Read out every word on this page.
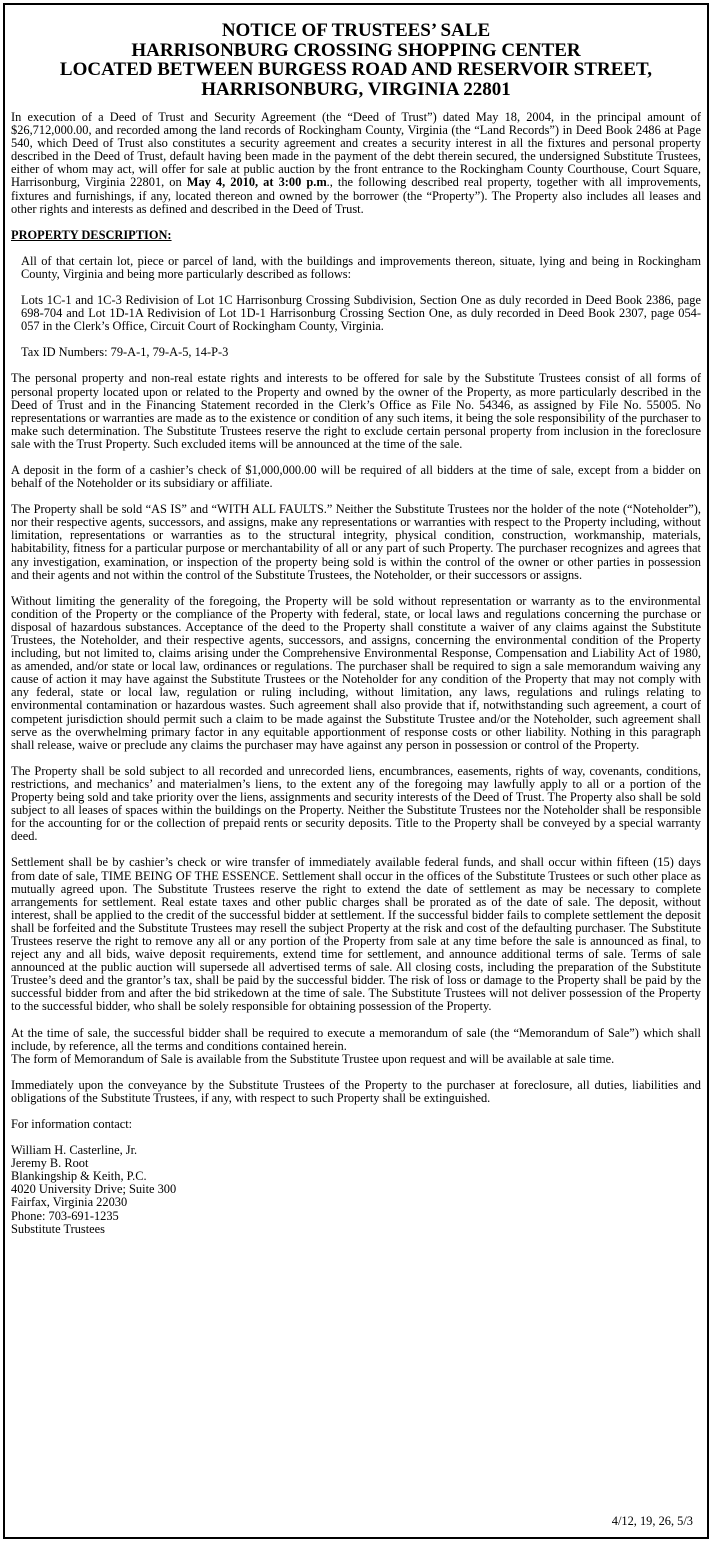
NOTICE OF TRUSTEES’ SALE
HARRISONBURG CROSSING SHOPPING CENTER
LOCATED BETWEEN BURGESS ROAD AND RESERVOIR STREET,
HARRISONBURG, VIRGINIA 22801

In execution of a Deed of Trust and Security Agreement (the “Deed of Trust”) dated May 18, 2004, in the principal amount of $26,712,000.00, and recorded among the land records of Rockingham County, Virginia (the “Land Records”) in Deed Book 2486 at Page 540, which Deed of Trust also constitutes a security agreement and creates a security interest in all the fixtures and personal property described in the Deed of Trust, default having been made in the payment of the debt therein secured, the undersigned Substitute Trustees, either of whom may act, will offer for sale at public auction by the front entrance to the Rockingham County Courthouse, Court Square, Harrisonburg, Virginia 22801, on May 4, 2010, at 3:00 p.m., the following described real property, together with all improvements, fixtures and furnishings, if any, located thereon and owned by the borrower (the “Property”). The Property also includes all leases and other rights and interests as defined and described in the Deed of Trust.

PROPERTY DESCRIPTION:

All of that certain lot, piece or parcel of land, with the buildings and improvements thereon, situate, lying and being in Rockingham County, Virginia and being more particularly described as follows:

Lots 1C-1 and 1C-3 Redivision of Lot 1C Harrisonburg Crossing Subdivision, Section One as duly recorded in Deed Book 2386, page 698-704 and Lot 1D-1A Redivision of Lot 1D-1 Harrisonburg Crossing Section One, as duly recorded in Deed Book 2307, page 054-057 in the Clerk’s Office, Circuit Court of Rockingham County, Virginia.

Tax ID Numbers: 79-A-1, 79-A-5, 14-P-3

The personal property and non-real estate rights and interests to be offered for sale by the Substitute Trustees consist of all forms of personal property located upon or related to the Property and owned by the owner of the Property, as more particularly described in the Deed of Trust and in the Financing Statement recorded in the Clerk’s Office as File No. 54346, as assigned by File No. 55005. No representations or warranties are made as to the existence or condition of any such items, it being the sole responsibility of the purchaser to make such determination. The Substitute Trustees reserve the right to exclude certain personal property from inclusion in the foreclosure sale with the Trust Property. Such excluded items will be announced at the time of the sale.

A deposit in the form of a cashier’s check of $1,000,000.00 will be required of all bidders at the time of sale, except from a bidder on behalf of the Noteholder or its subsidiary or affiliate.

The Property shall be sold “AS IS” and “WITH ALL FAULTS.” Neither the Substitute Trustees nor the holder of the note (“Noteholder”), nor their respective agents, successors, and assigns, make any representations or warranties with respect to the Property including, without limitation, representations or warranties as to the structural integrity, physical condition, construction, workmanship, materials, habitability, fitness for a particular purpose or merchantability of all or any part of such Property. The purchaser recognizes and agrees that any investigation, examination, or inspection of the property being sold is within the control of the owner or other parties in possession and their agents and not within the control of the Substitute Trustees, the Noteholder, or their successors or assigns.

Without limiting the generality of the foregoing, the Property will be sold without representation or warranty as to the environmental condition of the Property or the compliance of the Property with federal, state, or local laws and regulations concerning the purchase or disposal of hazardous substances. Acceptance of the deed to the Property shall constitute a waiver of any claims against the Substitute Trustees, the Noteholder, and their respective agents, successors, and assigns, concerning the environmental condition of the Property including, but not limited to, claims arising under the Comprehensive Environmental Response, Compensation and Liability Act of 1980, as amended, and/or state or local law, ordinances or regulations. The purchaser shall be required to sign a sale memorandum waiving any cause of action it may have against the Substitute Trustees or the Noteholder for any condition of the Property that may not comply with any federal, state or local law, regulation or ruling including, without limitation, any laws, regulations and rulings relating to environmental contamination or hazardous wastes. Such agreement shall also provide that if, notwithstanding such agreement, a court of competent jurisdiction should permit such a claim to be made against the Substitute Trustee and/or the Noteholder, such agreement shall serve as the overwhelming primary factor in any equitable apportionment of response costs or other liability. Nothing in this paragraph shall release, waive or preclude any claims the purchaser may have against any person in possession or control of the Property.

The Property shall be sold subject to all recorded and unrecorded liens, encumbrances, easements, rights of way, covenants, conditions, restrictions, and mechanics’ and materialmen’s liens, to the extent any of the foregoing may lawfully apply to all or a portion of the Property being sold and take priority over the liens, assignments and security interests of the Deed of Trust. The Property also shall be sold subject to all leases of spaces within the buildings on the Property. Neither the Substitute Trustees nor the Noteholder shall be responsible for the accounting for or the collection of prepaid rents or security deposits. Title to the Property shall be conveyed by a special warranty deed.

Settlement shall be by cashier’s check or wire transfer of immediately available federal funds, and shall occur within fifteen (15) days from date of sale, TIME BEING OF THE ESSENCE. Settlement shall occur in the offices of the Substitute Trustees or such other place as mutually agreed upon. The Substitute Trustees reserve the right to extend the date of settlement as may be necessary to complete arrangements for settlement. Real estate taxes and other public charges shall be prorated as of the date of sale. The deposit, without interest, shall be applied to the credit of the successful bidder at settlement. If the successful bidder fails to complete settlement the deposit shall be forfeited and the Substitute Trustees may resell the subject Property at the risk and cost of the defaulting purchaser. The Substitute Trustees reserve the right to remove any all or any portion of the Property from sale at any time before the sale is announced as final, to reject any and all bids, waive deposit requirements, extend time for settlement, and announce additional terms of sale. Terms of sale announced at the public auction will supersede all advertised terms of sale. All closing costs, including the preparation of the Substitute Trustee’s deed and the grantor’s tax, shall be paid by the successful bidder. The risk of loss or damage to the Property shall be paid by the successful bidder from and after the bid strikedown at the time of sale. The Substitute Trustees will not deliver possession of the Property to the successful bidder, who shall be solely responsible for obtaining possession of the Property.

At the time of sale, the successful bidder shall be required to execute a memorandum of sale (the “Memorandum of Sale”) which shall include, by reference, all the terms and conditions contained herein.
The form of Memorandum of Sale is available from the Substitute Trustee upon request and will be available at sale time.

Immediately upon the conveyance by the Substitute Trustees of the Property to the purchaser at foreclosure, all duties, liabilities and obligations of the Substitute Trustees, if any, with respect to such Property shall be extinguished.

For information contact:

William H. Casterline, Jr.
Jeremy B. Root
Blankingship & Keith, P.C.
4020 University Drive; Suite 300
Fairfax, Virginia 22030
Phone: 703-691-1235
Substitute Trustees
4/12, 19, 26, 5/3
